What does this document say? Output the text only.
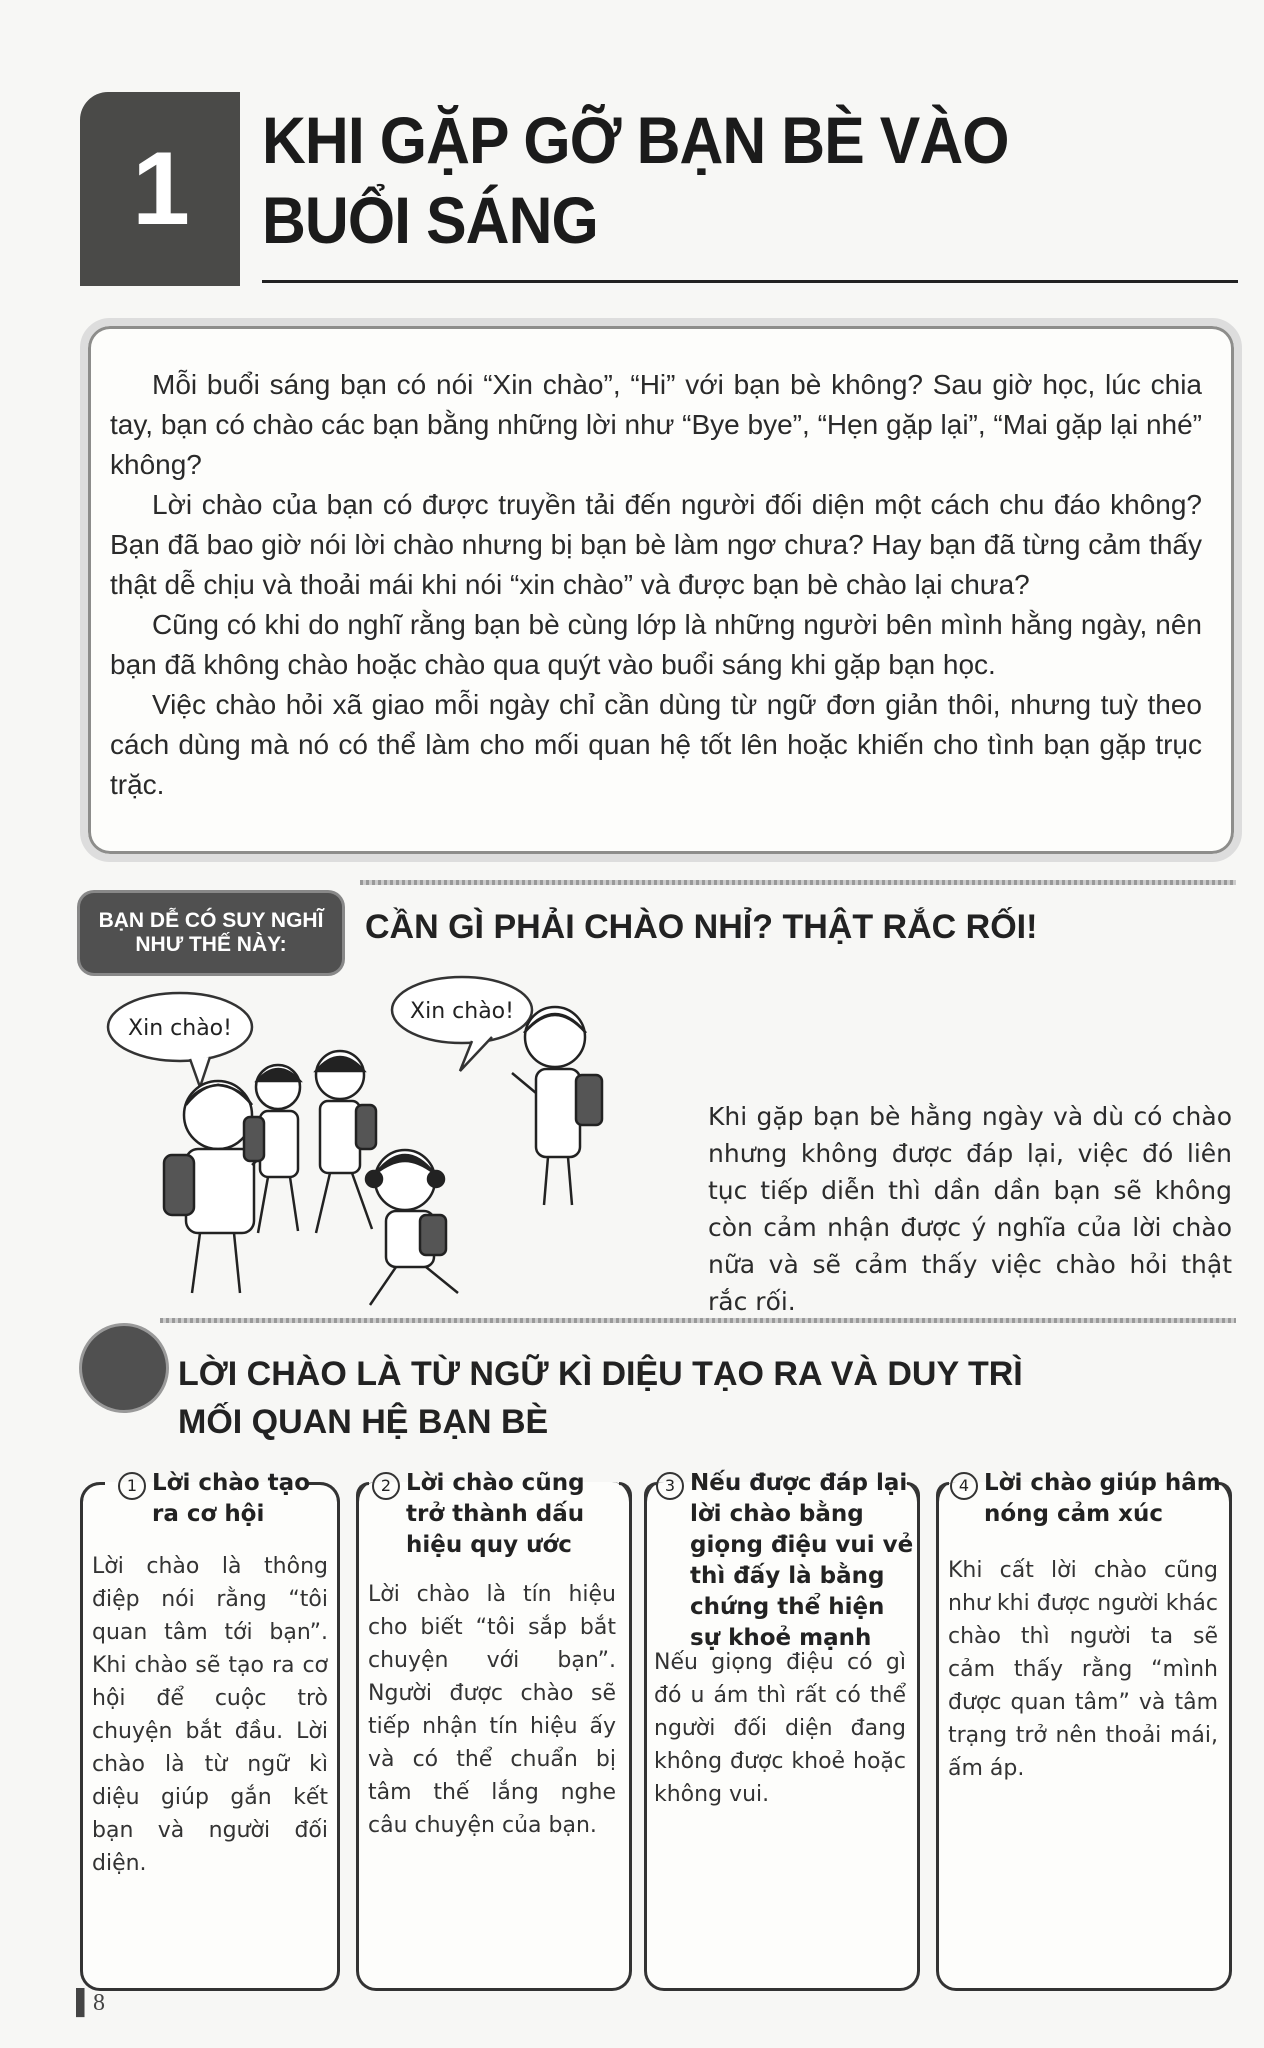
1 KHI GẶP GỠ BẠN BÈ VÀO
BUỔI SÁNG

Mỗi buổi sáng bạn có nói “Xin chào”, “Hi” với bạn bè không? Sau giờ học, lúc chia tay, bạn có chào các bạn bằng những lời như “Bye bye”, “Hẹn gặp lại”, “Mai gặp lại nhé” không?

Lời chào của bạn có được truyền tải đến người đối diện một cách chu đáo không? Bạn đã bao giờ nói lời chào nhưng bị bạn bè làm ngơ chưa? Hay bạn đã từng cảm thấy thật dễ chịu và thoải mái khi nói “xin chào” và được bạn bè chào lại chưa?

Cũng có khi do nghĩ rằng bạn bè cùng lớp là những người bên mình hằng ngày, nên bạn đã không chào hoặc chào qua quýt vào buổi sáng khi gặp bạn học.

Việc chào hỏi xã giao mỗi ngày chỉ cần dùng từ ngữ đơn giản thôi, nhưng tuỳ theo cách dùng mà nó có thể làm cho mối quan hệ tốt lên hoặc khiến cho tình bạn gặp trục trặc.

BẠN DỄ CÓ SUY NGHĨ
NHƯ THẾ NÀY: CẦN GÌ PHẢI CHÀO NHỈ? THẬT RẮC RỐI!
Xin chào!
Xin chào!
Khi gặp bạn bè hằng ngày và dù có chào nhưng không được đáp lại, việc đó liên tục tiếp diễn thì dần dần bạn sẽ không còn cảm nhận được ý nghĩa của lời chào nữa và sẽ cảm thấy việc chào hỏi thật rắc rối.
LỜI CHÀO LÀ TỪ NGỮ KÌ DIỆU TẠO RA VÀ DUY TRÌ
MỐI QUAN HỆ BẠN BÈ
1 Lời chào tạo ra cơ hội
Lời chào là thông điệp nói rằng “tôi quan tâm tới bạn”. Khi chào sẽ tạo ra cơ hội để cuộc trò chuyện bắt đầu. Lời chào là từ ngữ kì diệu giúp gắn kết bạn và người đối diện.
2 Lời chào cũng trở thành dấu hiệu quy ước
Lời chào là tín hiệu cho biết “tôi sắp bắt chuyện với bạn”. Người được chào sẽ tiếp nhận tín hiệu ấy và có thể chuẩn bị tâm thế lắng nghe câu chuyện của bạn.
3 Nếu được đáp lại lời chào bằng giọng điệu vui vẻ thì đấy là bằng chứng thể hiện sự khoẻ mạnh
Nếu giọng điệu có gì đó u ám thì rất có thể người đối diện đang không được khoẻ hoặc không vui.
4 Lời chào giúp hâm nóng cảm xúc
Khi cất lời chào cũng như khi được người khác chào thì người ta sẽ cảm thấy rằng “mình được quan tâm” và tâm trạng trở nên thoải mái, ấm áp.
▌8
